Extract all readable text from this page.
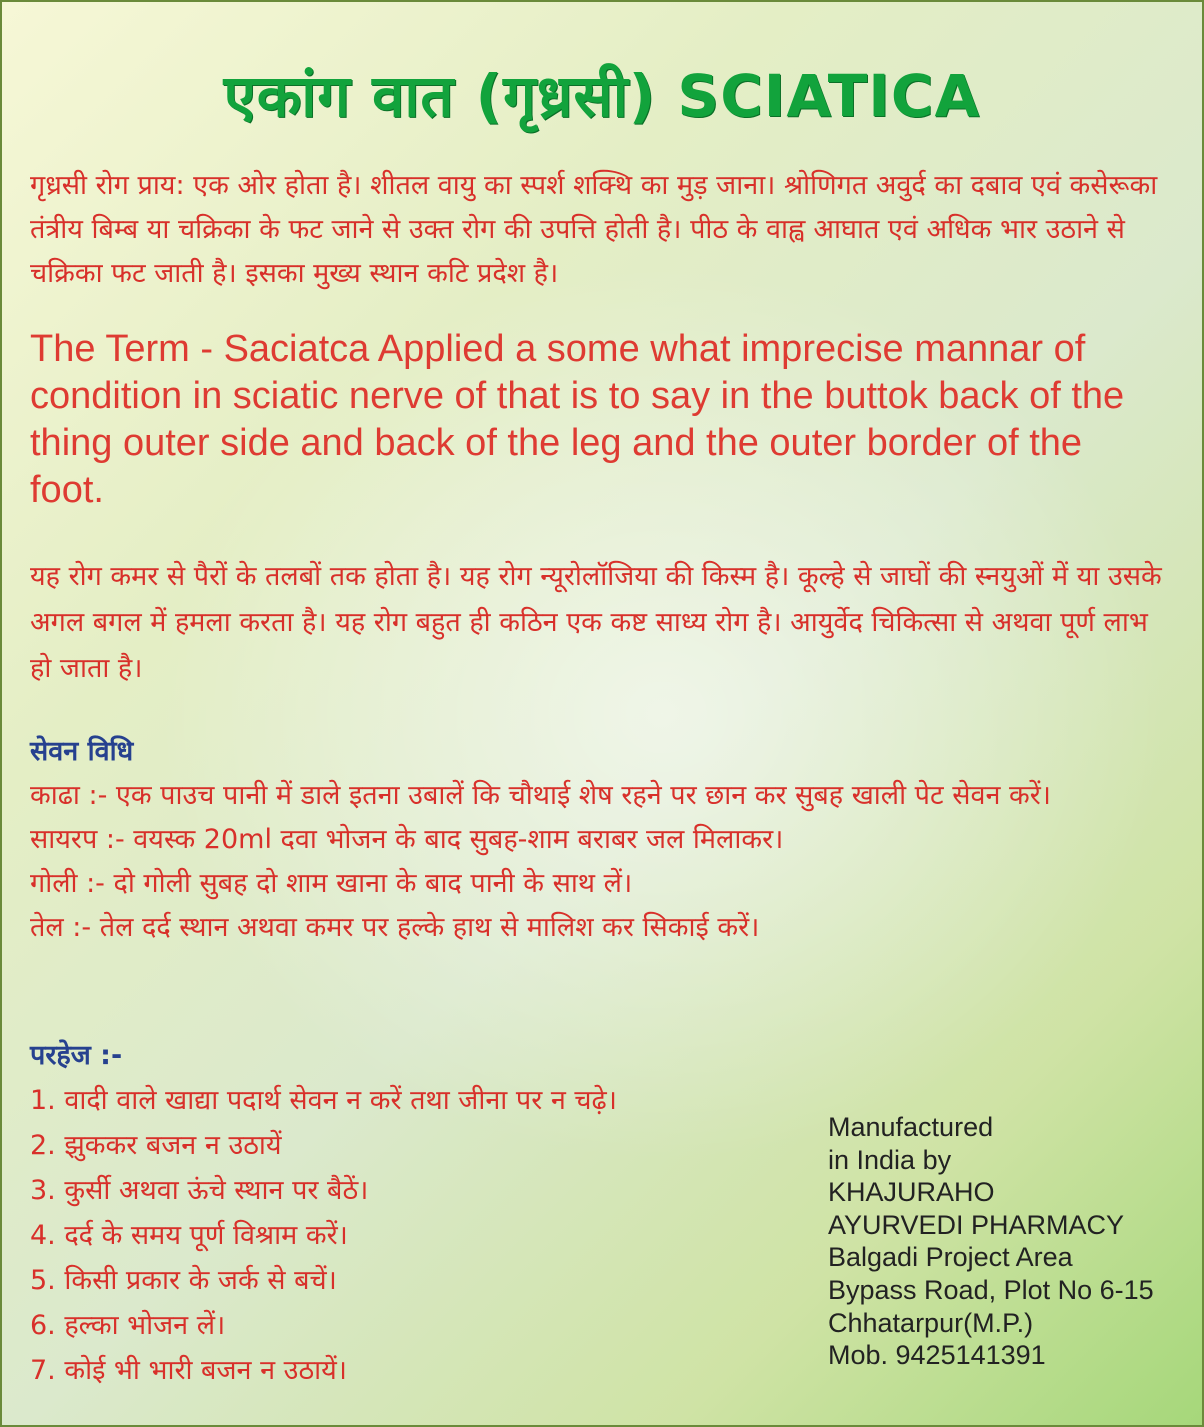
एकांग वात (गृध्रसी) SCIATICA

गृध्रसी रोग प्राय: एक ओर होता है। शीतल वायु का स्पर्श शक्थि का मुड़ जाना। श्रोणिगत अवुर्द का दबाव एवं कसेरूका तंत्रीय बिम्ब या चक्रिका के फट जाने से उक्त रोग की उपत्ति होती है। पीठ के वाह्व आघात एवं अधिक भार उठाने से चक्रिका फट जाती है। इसका मुख्य स्थान कटि प्रदेश है।

The Term - Saciatca Applied a some what imprecise mannar of condition in sciatic nerve of that is to say in the buttok back of the thing outer side and back of the leg and the outer border of the foot.

यह रोग कमर से पैरों के तलबों तक होता है। यह रोग न्यूरोलॉजिया की किस्म है। कूल्हे से जाघों की स्नयुओं में या उसके अगल बगल में हमला करता है। यह रोग बहुत ही कठिन एक कष्ट साध्य रोग है। आयुर्वेद चिकित्सा से अथवा पूर्ण लाभ हो जाता है।

सेवन विधि
काढा :- एक पाउच पानी में डाले इतना उबालें कि चौथाई शेष रहने पर छान कर सुबह खाली पेट सेवन करें।
सायरप :- वयस्क 20ml दवा भोजन के बाद सुबह-शाम बराबर जल मिलाकर।
गोली :- दो गोली सुबह दो शाम खाना के बाद पानी के साथ लें।
तेल :- तेल दर्द स्थान अथवा कमर पर हल्के हाथ से मालिश कर सिकाई करें।
परहेज :-
1. वादी वाले खाद्या पदार्थ सेवन न करें तथा जीना पर न चढ़े।
2. झुककर बजन न उठायें
3. कुर्सी अथवा ऊंचे स्थान पर बैठें।
4. दर्द के समय पूर्ण विश्राम करें।
5. किसी प्रकार के जर्क से बचें।
6. हल्का भोजन लें।
7. कोई भी भारी बजन न उठायें।
Manufactured
in India by
KHAJURAHO
AYURVEDI PHARMACY
Balgadi Project Area
Bypass Road, Plot No 6-15
Chhatarpur(M.P.)
Mob. 9425141391
